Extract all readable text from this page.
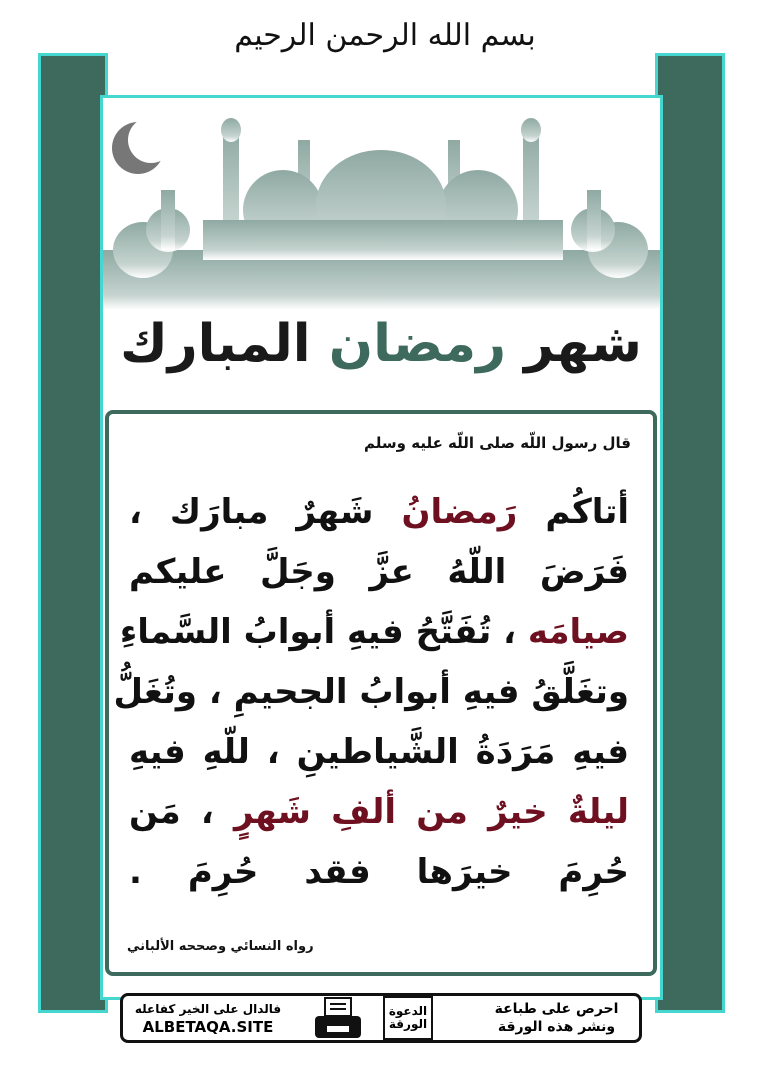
بسم الله الرحمن الرحيم
شهر رمضان المبارك
قال رسول اللّه صلى اللّه عليه وسلم
أتاكُم رَمضانُ شَهرٌ مبارَك ،
فَرَضَ اللّهُ عزَّ وجَلَّ عليكم
صيامَه ، تُفَتَّحُ فيهِ أبوابُ السَّماءِ
وتغَلَّقُ فيهِ أبوابُ الجحيمِ ، وتُغَلُّ
فيهِ مَرَدَةُ الشَّياطينِ ، للّهِ فيهِ
ليلةٌ خيرٌ من ألفِ شَهرٍ ، مَن
حُرِمَ خيرَها فقد حُرِمَ .
رواه النسائي وصححه الألباني
فالدال على الخير كفاعله
ALBETAQA.SITE
الدعوة الورقة
احرص على طباعة
ونشر هذه الورقة
